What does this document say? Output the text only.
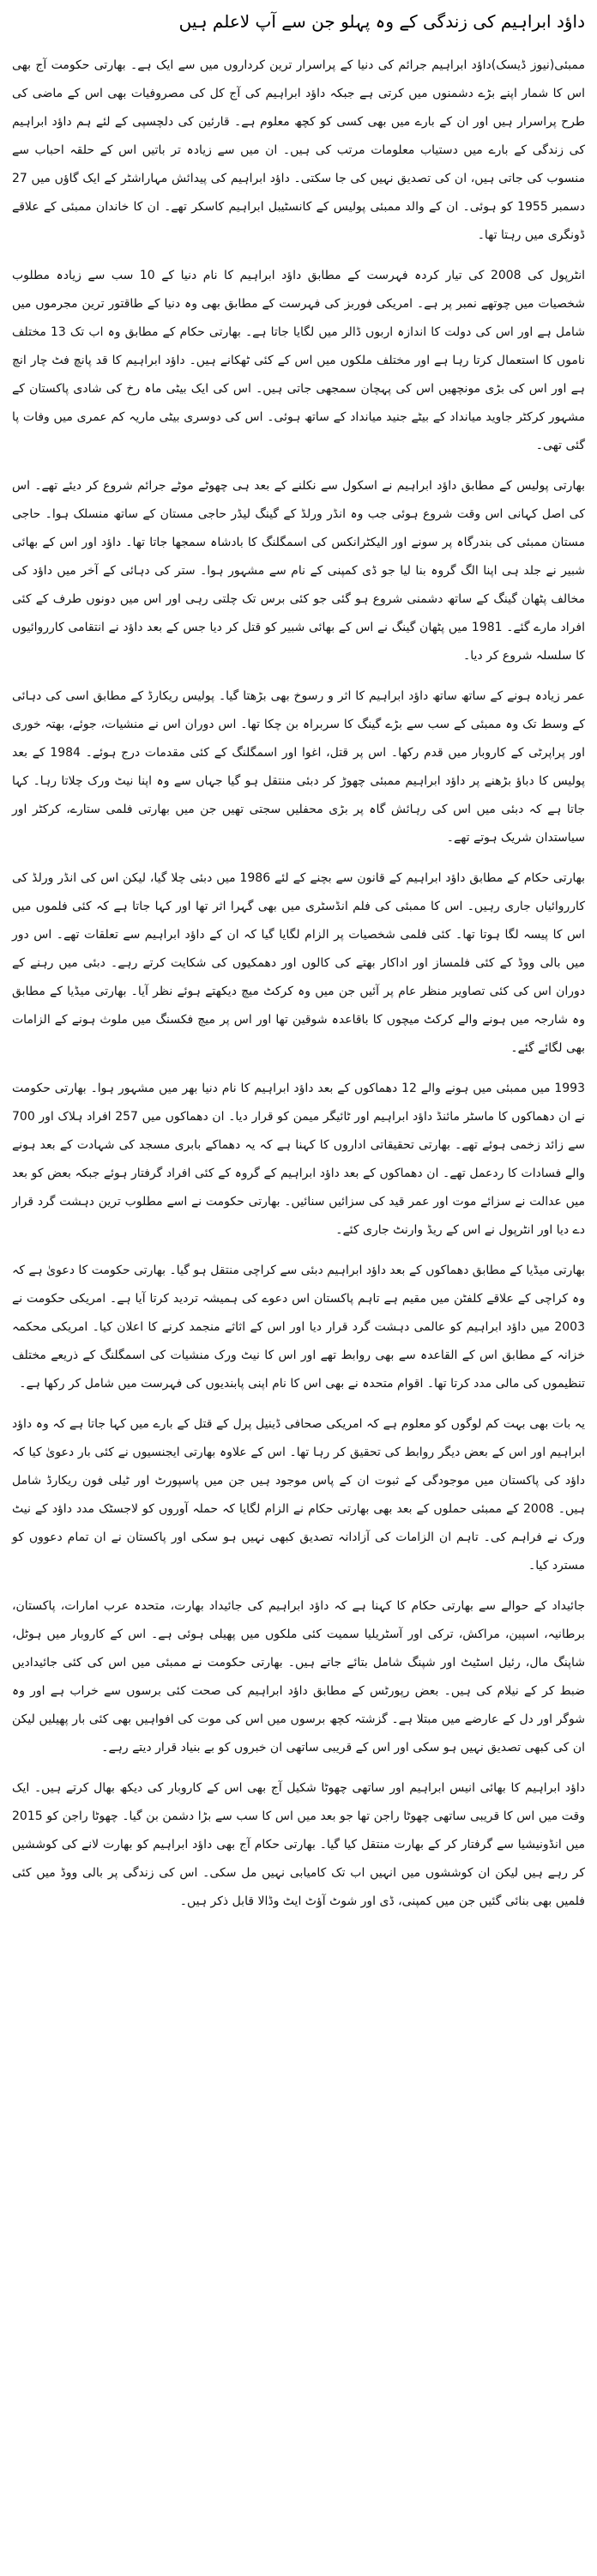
داؤد ابراہیم کی زندگی کے وہ پہلو جن سے آپ لاعلم ہیں

ممبئی(نیوز ڈیسک)داؤد ابراہیم جرائم کی دنیا کے پراسرار ترین کرداروں میں سے ایک ہے۔ بھارتی حکومت آج بھی اس کا شمار اپنے بڑے دشمنوں میں کرتی ہے جبکہ داؤد ابراہیم کی آج کل کی مصروفیات بھی اس کے ماضی کی طرح پراسرار ہیں اور ان کے بارے میں بھی کسی کو کچھ معلوم ہے۔ قارئین کی دلچسپی کے لئے ہم داؤد ابراہیم کی زندگی کے بارے میں دستیاب معلومات مرتب کی ہیں۔ ان میں سے زیادہ تر باتیں اس کے حلقہ احباب سے منسوب کی جاتی ہیں، ان کی تصدیق نہیں کی جا سکتی۔ داؤد ابراہیم کی پیدائش مہاراشٹر کے ایک گاؤں میں 27 دسمبر 1955 کو ہوئی۔ ان کے والد ممبئی پولیس کے کانسٹیبل ابراہیم کاسکر تھے۔ ان کا خاندان ممبئی کے علاقے ڈونگری میں رہتا تھا۔

انٹرپول کی 2008 کی تیار کردہ فہرست کے مطابق داؤد ابراہیم کا نام دنیا کے 10 سب سے زیادہ مطلوب شخصیات میں چوتھے نمبر پر ہے۔ امریکی فوربز کی فہرست کے مطابق بھی وہ دنیا کے طاقتور ترین مجرموں میں شامل ہے اور اس کی دولت کا اندازہ اربوں ڈالر میں لگایا جاتا ہے۔ بھارتی حکام کے مطابق وہ اب تک 13 مختلف ناموں کا استعمال کرتا رہا ہے اور مختلف ملکوں میں اس کے کئی ٹھکانے ہیں۔ داؤد ابراہیم کا قد پانچ فٹ چار انچ ہے اور اس کی بڑی مونچھیں اس کی پہچان سمجھی جاتی ہیں۔ اس کی ایک بیٹی ماہ رخ کی شادی پاکستان کے مشہور کرکٹر جاوید میانداد کے بیٹے جنید میانداد کے ساتھ ہوئی۔ اس کی دوسری بیٹی ماریہ کم عمری میں وفات پا گئی تھی۔

بھارتی پولیس کے مطابق داؤد ابراہیم نے اسکول سے نکلنے کے بعد ہی چھوٹے موٹے جرائم شروع کر دیئے تھے۔ اس کی اصل کہانی اس وقت شروع ہوئی جب وہ انڈر ورلڈ کے گینگ لیڈر حاجی مستان کے ساتھ منسلک ہوا۔ حاجی مستان ممبئی کی بندرگاہ پر سونے اور الیکٹرانکس کی اسمگلنگ کا بادشاہ سمجھا جاتا تھا۔ داؤد اور اس کے بھائی شبیر نے جلد ہی اپنا الگ گروہ بنا لیا جو ڈی کمپنی کے نام سے مشہور ہوا۔ ستر کی دہائی کے آخر میں داؤد کی مخالف پٹھان گینگ کے ساتھ دشمنی شروع ہو گئی جو کئی برس تک چلتی رہی اور اس میں دونوں طرف کے کئی افراد مارے گئے۔ 1981 میں پٹھان گینگ نے اس کے بھائی شبیر کو قتل کر دیا جس کے بعد داؤد نے انتقامی کارروائیوں کا سلسلہ شروع کر دیا۔

عمر زیادہ ہونے کے ساتھ ساتھ داؤد ابراہیم کا اثر و رسوخ بھی بڑھتا گیا۔ پولیس ریکارڈ کے مطابق اسی کی دہائی کے وسط تک وہ ممبئی کے سب سے بڑے گینگ کا سربراہ بن چکا تھا۔ اس دوران اس نے منشیات، جوئے، بھتہ خوری اور پراپرٹی کے کاروبار میں قدم رکھا۔ اس پر قتل، اغوا اور اسمگلنگ کے کئی مقدمات درج ہوئے۔ 1984 کے بعد پولیس کا دباؤ بڑھنے پر داؤد ابراہیم ممبئی چھوڑ کر دبئی منتقل ہو گیا جہاں سے وہ اپنا نیٹ ورک چلاتا رہا۔ کہا جاتا ہے کہ دبئی میں اس کی رہائش گاہ پر بڑی محفلیں سجتی تھیں جن میں بھارتی فلمی ستارے، کرکٹر اور سیاستدان شریک ہوتے تھے۔

بھارتی حکام کے مطابق داؤد ابراہیم کے قانون سے بچنے کے لئے 1986 میں دبئی چلا گیا، لیکن اس کی انڈر ورلڈ کی کارروائیاں جاری رہیں۔ اس کا ممبئی کی فلم انڈسٹری میں بھی گہرا اثر تھا اور کہا جاتا ہے کہ کئی فلموں میں اس کا پیسہ لگا ہوتا تھا۔ کئی فلمی شخصیات پر الزام لگایا گیا کہ ان کے داؤد ابراہیم سے تعلقات تھے۔ اس دور میں بالی ووڈ کے کئی فلمساز اور اداکار بھتے کی کالوں اور دھمکیوں کی شکایت کرتے رہے۔ دبئی میں رہنے کے دوران اس کی کئی تصاویر منظر عام پر آئیں جن میں وہ کرکٹ میچ دیکھتے ہوئے نظر آیا۔ بھارتی میڈیا کے مطابق وہ شارجہ میں ہونے والے کرکٹ میچوں کا باقاعدہ شوقین تھا اور اس پر میچ فکسنگ میں ملوث ہونے کے الزامات بھی لگائے گئے۔

1993 میں ممبئی میں ہونے والے 12 دھماکوں کے بعد داؤد ابراہیم کا نام دنیا بھر میں مشہور ہوا۔ بھارتی حکومت نے ان دھماکوں کا ماسٹر مائنڈ داؤد ابراہیم اور ٹائیگر میمن کو قرار دیا۔ ان دھماکوں میں 257 افراد ہلاک اور 700 سے زائد زخمی ہوئے تھے۔ بھارتی تحقیقاتی اداروں کا کہنا ہے کہ یہ دھماکے بابری مسجد کی شہادت کے بعد ہونے والے فسادات کا ردعمل تھے۔ ان دھماکوں کے بعد داؤد ابراہیم کے گروہ کے کئی افراد گرفتار ہوئے جبکہ بعض کو بعد میں عدالت نے سزائے موت اور عمر قید کی سزائیں سنائیں۔ بھارتی حکومت نے اسے مطلوب ترین دہشت گرد قرار دے دیا اور انٹرپول نے اس کے ریڈ وارنٹ جاری کئے۔

بھارتی میڈیا کے مطابق دھماکوں کے بعد داؤد ابراہیم دبئی سے کراچی منتقل ہو گیا۔ بھارتی حکومت کا دعویٰ ہے کہ وہ کراچی کے علاقے کلفٹن میں مقیم ہے تاہم پاکستان اس دعوے کی ہمیشہ تردید کرتا آیا ہے۔ امریکی حکومت نے 2003 میں داؤد ابراہیم کو عالمی دہشت گرد قرار دیا اور اس کے اثاثے منجمد کرنے کا اعلان کیا۔ امریکی محکمہ خزانہ کے مطابق اس کے القاعدہ سے بھی روابط تھے اور اس کا نیٹ ورک منشیات کی اسمگلنگ کے ذریعے مختلف تنظیموں کی مالی مدد کرتا تھا۔ اقوام متحدہ نے بھی اس کا نام اپنی پابندیوں کی فہرست میں شامل کر رکھا ہے۔

یہ بات بھی بہت کم لوگوں کو معلوم ہے کہ امریکی صحافی ڈینیل پرل کے قتل کے بارے میں کہا جاتا ہے کہ وہ داؤد ابراہیم اور اس کے بعض دیگر روابط کی تحقیق کر رہا تھا۔ اس کے علاوہ بھارتی ایجنسیوں نے کئی بار دعویٰ کیا کہ داؤد کی پاکستان میں موجودگی کے ثبوت ان کے پاس موجود ہیں جن میں پاسپورٹ اور ٹیلی فون ریکارڈ شامل ہیں۔ 2008 کے ممبئی حملوں کے بعد بھی بھارتی حکام نے الزام لگایا کہ حملہ آوروں کو لاجسٹک مدد داؤد کے نیٹ ورک نے فراہم کی۔ تاہم ان الزامات کی آزادانہ تصدیق کبھی نہیں ہو سکی اور پاکستان نے ان تمام دعووں کو مسترد کیا۔

جائیداد کے حوالے سے بھارتی حکام کا کہنا ہے کہ داؤد ابراہیم کی جائیداد بھارت، متحدہ عرب امارات، پاکستان، برطانیہ، اسپین، مراکش، ترکی اور آسٹریلیا سمیت کئی ملکوں میں پھیلی ہوئی ہے۔ اس کے کاروبار میں ہوٹل، شاپنگ مال، رئیل اسٹیٹ اور شپنگ شامل بتائے جاتے ہیں۔ بھارتی حکومت نے ممبئی میں اس کی کئی جائیدادیں ضبط کر کے نیلام کی ہیں۔ بعض رپورٹس کے مطابق داؤد ابراہیم کی صحت کئی برسوں سے خراب ہے اور وہ شوگر اور دل کے عارضے میں مبتلا ہے۔ گزشتہ کچھ برسوں میں اس کی موت کی افواہیں بھی کئی بار پھیلیں لیکن ان کی کبھی تصدیق نہیں ہو سکی اور اس کے قریبی ساتھی ان خبروں کو بے بنیاد قرار دیتے رہے۔

داؤد ابراہیم کا بھائی انیس ابراہیم اور ساتھی چھوٹا شکیل آج بھی اس کے کاروبار کی دیکھ بھال کرتے ہیں۔ ایک وقت میں اس کا قریبی ساتھی چھوٹا راجن تھا جو بعد میں اس کا سب سے بڑا دشمن بن گیا۔ چھوٹا راجن کو 2015 میں انڈونیشیا سے گرفتار کر کے بھارت منتقل کیا گیا۔ بھارتی حکام آج بھی داؤد ابراہیم کو بھارت لانے کی کوششیں کر رہے ہیں لیکن ان کوششوں میں انہیں اب تک کامیابی نہیں مل سکی۔ اس کی زندگی پر بالی ووڈ میں کئی فلمیں بھی بنائی گئیں جن میں کمپنی، ڈی اور شوٹ آؤٹ ایٹ وڈالا قابل ذکر ہیں۔
